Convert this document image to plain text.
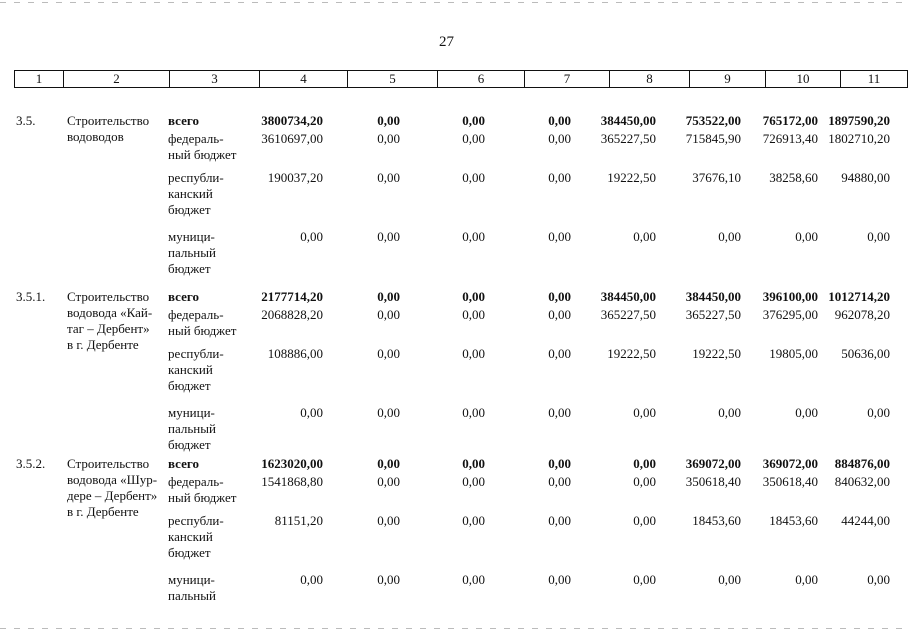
27
1	2	3	4	5	6	7	8	9	10	11
3.5. Строительство
водоводов
всего	3800734,20	0,00	0,00	0,00 384450,00 753522,00 765172,00 1897590,20
федераль-
ный бюджет
3610697,00	0,00	0,00	0,00 365227,50 715845,90 726913,40 1802710,20
республи-
канский
бюджет
190037,20	0,00	0,00	0,00	19222,50	37676,10 38258,60 94880,00
муници-
пальный
бюджет
0,00	0,00	0,00	0,00	0,00	0,00	0,00	0,00
3.5.1. Строительство
водовода «Кай-
таг – Дербент»
в г. Дербенте
всего	2177714,20	0,00	0,00	0,00 384450,00 384450,00 396100,00 1012714,20
федераль-
ный бюджет
2068828,20	0,00	0,00	0,00 365227,50 365227,50 376295,00 962078,20
республи-
канский
бюджет
108886,00	0,00	0,00	0,00	19222,50	19222,50 19805,00 50636,00
муници-
пальный
бюджет
0,00	0,00	0,00	0,00	0,00	0,00	0,00	0,00
3.5.2. Строительство
водовода «Шур-
дере – Дербент»
в г. Дербенте
всего	1623020,00	0,00	0,00	0,00	0,00 369072,00 369072,00 884876,00
федераль-
ный бюджет
1541868,80	0,00	0,00	0,00	0,00 350618,40 350618,40 840632,00
республи-
канский
бюджет
81151,20	0,00	0,00	0,00	0,00	18453,60 18453,60 44244,00
муници-
пальный
0,00	0,00	0,00	0,00	0,00	0,00	0,00	0,00
